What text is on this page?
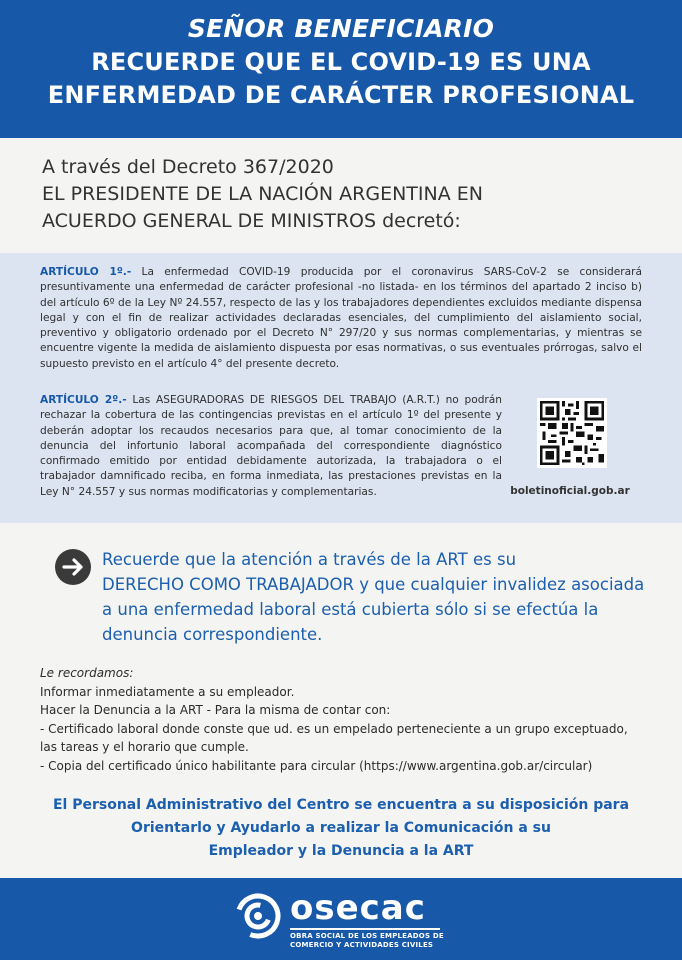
SEÑOR BENEFICIARIO
RECUERDE QUE EL COVID-19 ES UNA
ENFERMEDAD DE CARÁCTER PROFESIONAL
A través del Decreto 367/2020
EL PRESIDENTE DE LA NACIÓN ARGENTINA EN
ACUERDO GENERAL DE MINISTROS decretó:

ARTÍCULO 1º.- La enfermedad COVID-19 producida por el coronavirus SARS-CoV-2 se considerará presuntivamente una enfermedad de carácter profesional -no listada- en los términos del apartado 2 inciso b) del artículo 6º de la Ley Nº 24.557, respecto de las y los trabajadores dependientes excluidos mediante dispensa legal y con el fin de realizar actividades declaradas esenciales, del cumplimiento del aislamiento social, preventivo y obligatorio ordenado por el Decreto N° 297/20 y sus normas complementarias, y mientras se encuentre vigente la medida de aislamiento dispuesta por esas normativas, o sus eventuales prórrogas, salvo el supuesto previsto en el artículo 4° del presente decreto.

ARTÍCULO 2º.- Las ASEGURADORAS DE RIESGOS DEL TRABAJO (A.R.T.) no podrán rechazar la cobertura de las contingencias previstas en el artículo 1º del presente y deberán adoptar los recaudos necesarios para que, al tomar conocimiento de la denuncia del infortunio laboral acompañada del correspondiente diagnóstico confirmado emitido por entidad debidamente autorizada, la trabajadora o el trabajador damnificado reciba, en forma inmediata, las prestaciones previstas en la Ley N° 24.557 y sus normas modificatorias y complementarias.	boletinoficial.gob.ar
Recuerde que la atención a través de la ART es su
DERECHO COMO TRABAJADOR y que cualquier invalidez asociada
a una enfermedad laboral está cubierta sólo si se efectúa la
denuncia correspondiente.
Le recordamos:
Informar inmediatamente a su empleador.
Hacer la Denuncia a la ART - Para la misma de contar con:
- Certificado laboral donde conste que ud. es un empelado perteneciente a un grupo exceptuado,
las tareas y el horario que cumple.
- Copia del certificado único habilitante para circular (https://www.argentina.gob.ar/circular)
El Personal Administrativo del Centro se encuentra a su disposición para
Orientarlo y Ayudarlo a realizar la Comunicación a su
Empleador y la Denuncia a la ART
osecac
OBRA SOCIAL DE LOS EMPLEADOS DE
COMERCIO Y ACTIVIDADES CIVILES
